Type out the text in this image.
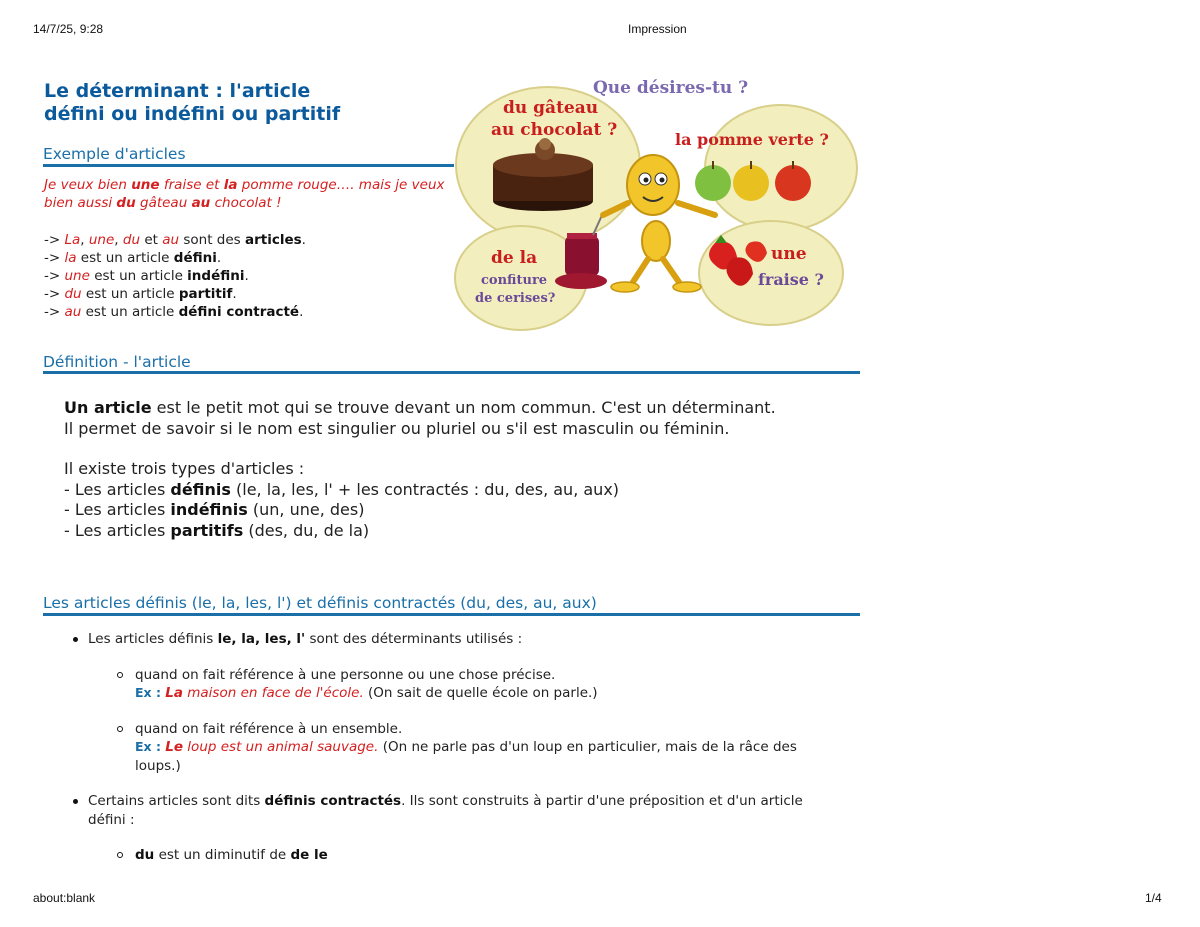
14/7/25, 9:28	Impression
Le déterminant : l'article
défini ou indéfini ou partitif
Exemple d'articles
Je veux bien une fraise et la pomme rouge…. mais je veux bien aussi du gâteau au chocolat !
-> La, une, du et au sont des articles.
-> la est un article défini.
-> une est un article indéfini.
-> du est un article partitif.
-> au est un article défini contracté.
Que désires-tu ?
du gâteau
au chocolat ?	la pomme verte ?
de la
confiture
de cerises?
une
fraise ?
Définition - l'article
Un article est le petit mot qui se trouve devant un nom commun. C'est un déterminant.
Il permet de savoir si le nom est singulier ou pluriel ou s'il est masculin ou féminin.
Il existe trois types d'articles :
- Les articles définis (le, la, les, l' + les contractés : du, des, au, aux)
- Les articles indéfinis (un, une, des)
- Les articles partitifs (des, du, de la)
Les articles définis (le, la, les, l') et définis contractés (du, des, au, aux)
Les articles définis le, la, les, l' sont des déterminants utilisés :
quand on fait référence à une personne ou une chose précise.
Ex : La maison en face de l'école. (On sait de quelle école on parle.)
quand on fait référence à un ensemble.
Ex : Le loup est un animal sauvage. (On ne parle pas d'un loup en particulier, mais de la râce des loups.)
Certains articles sont dits définis contractés. Ils sont construits à partir d'une préposition et d'un article défini :
du est un diminutif de de le
about:blank	1/4
